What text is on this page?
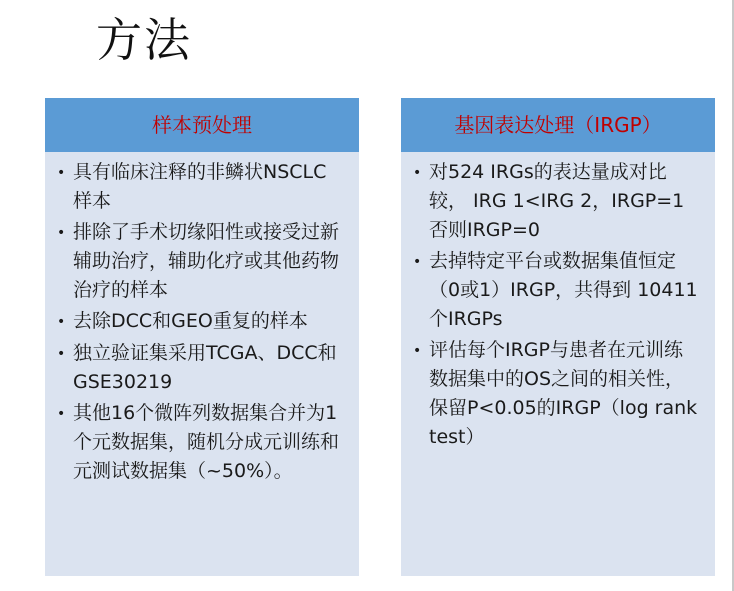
方法
样本预处理
• 具有临床注释的非鳞状NSCLC样本
• 排除了手术切缘阳性或接受过新辅助治疗，辅助化疗或其他药物治疗的样本
• 去除DCC和GEO重复的样本
• 独立验证集采用TCGA、DCC和GSE30219
• 其他16个微阵列数据集合并为1个元数据集，随机分成元训练和元测试数据集（~50%）。
基因表达处理（IRGP）
• 对524 IRGs的表达量成对比较， IRG 1<IRG 2，IRGP=1否则IRGP=0
• 去掉特定平台或数据集值恒定（0或1）IRGP，共得到 10411 个IRGPs
• 评估每个IRGP与患者在元训练数据集中的OS之间的相关性，保留P<0.05的IRGP（log rank test）
